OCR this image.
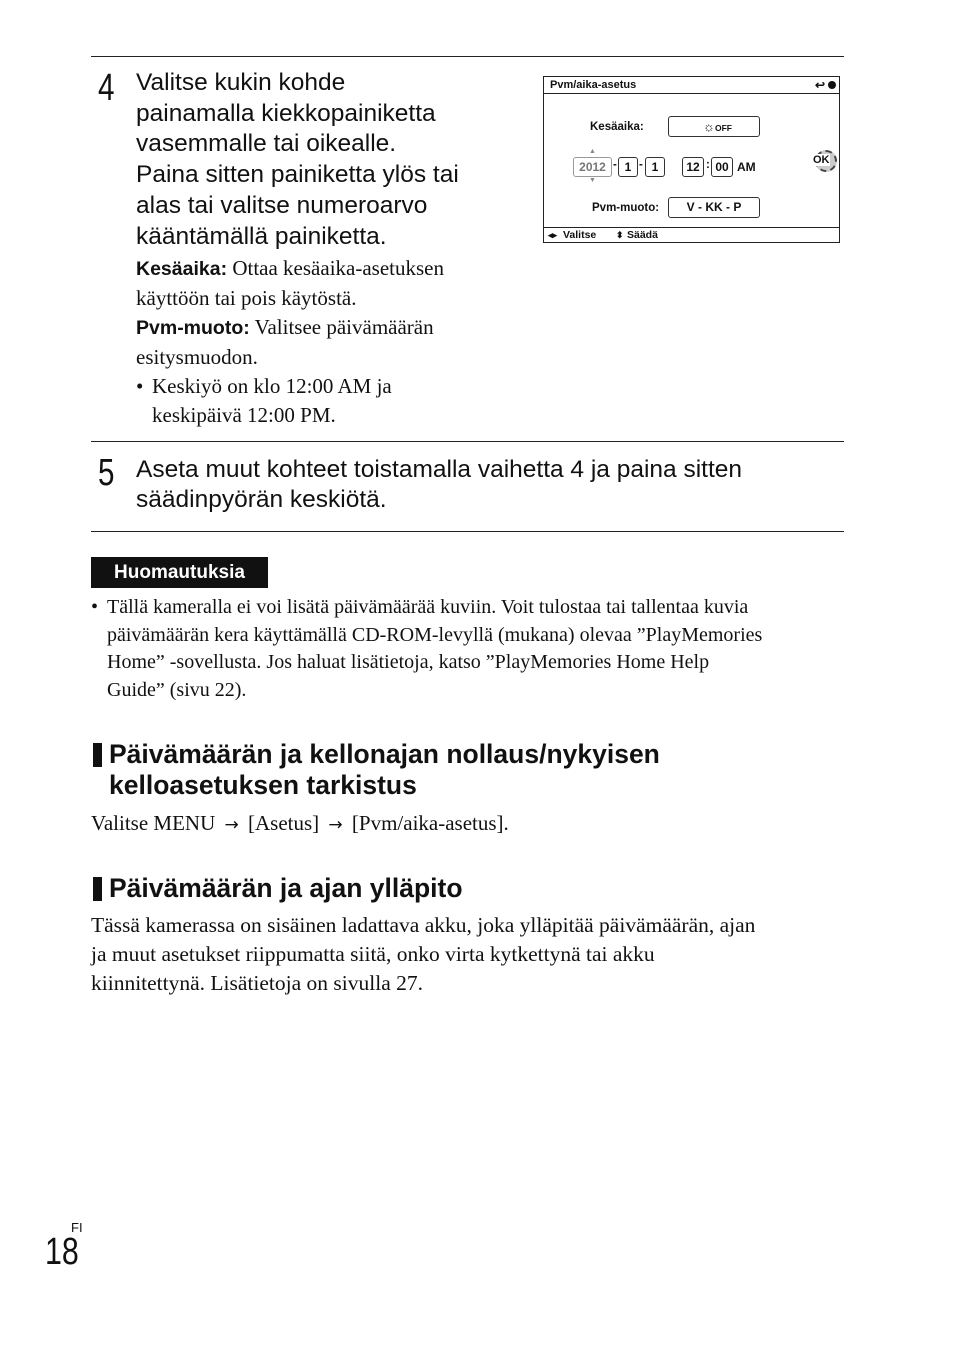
4 Valitse kukin kohde
painamalla kiekkopainiketta
vasemmalle tai oikealle.
Paina sitten painiketta ylös tai
alas tai valitse numeroarvo
kääntämällä painiketta.
Kesäaika: Ottaa kesäaika-asetuksen
käyttöön tai pois käytöstä.
Pvm-muoto: Valitsee päivämäärän
esitysmuodon.
• Keskiyö on klo 12:00 AM ja
keskipäivä 12:00 PM.
Pvm/aika-asetus	↩
Kesäaika:	☼ OFF
▲
2012
▼
- 1 - 1	12 : 00 AM	OK
Pvm-muoto:	V - KK - P
◂▸ Valitse ⬍ Säädä
5 Aseta muut kohteet toistamalla vaihetta 4 ja paina sitten
säädinpyörän keskiötä.
Huomautuksia
• Tällä kameralla ei voi lisätä päivämäärää kuviin. Voit tulostaa tai tallentaa kuvia
päivämäärän kera käyttämällä CD-ROM-levyllä (mukana) olevaa ”PlayMemories
Home” -sovellusta. Jos haluat lisätietoja, katso ”PlayMemories Home Help
Guide” (sivu 22).
Päivämäärän ja kellonajan nollaus/nykyisen
kelloasetuksen tarkistus
Valitse MENU → [Asetus] → [Pvm/aika-asetus].
Päivämäärän ja ajan ylläpito
Tässä kamerassa on sisäinen ladattava akku, joka ylläpitää päivämäärän, ajan
ja muut asetukset riippumatta siitä, onko virta kytkettynä tai akku
kiinnitettynä. Lisätietoja on sivulla 27.
FI
18
